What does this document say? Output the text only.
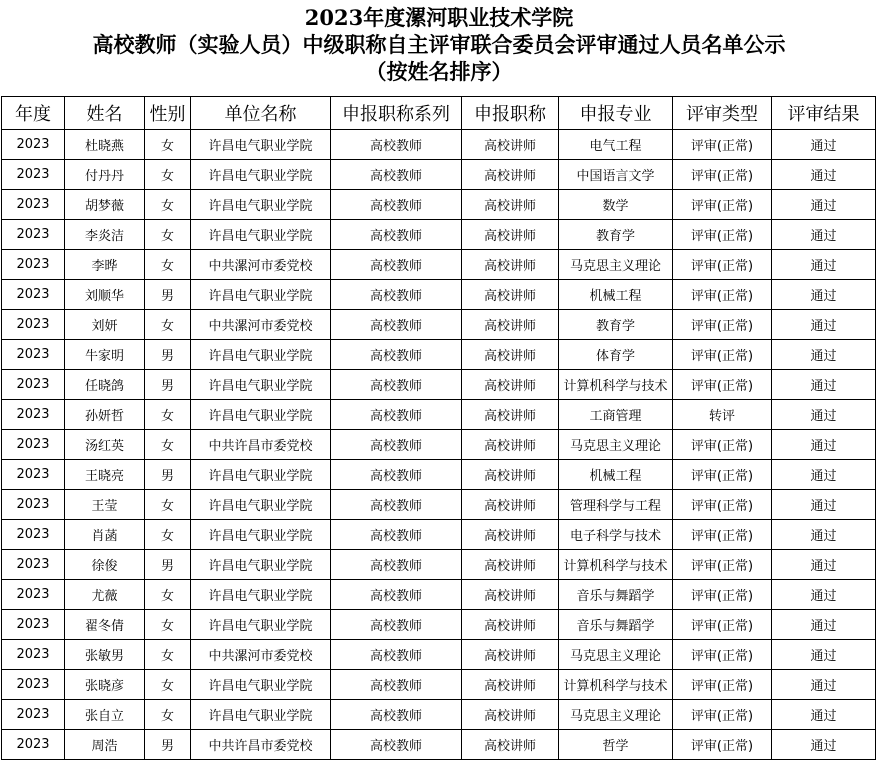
2023年度漯河职业技术学院
高校教师（实验人员）中级职称自主评审联合委员会评审通过人员名单公示
（按姓名排序）
年度	姓名	性别	单位名称	申报职称系列	申报职称	申报专业	评审类型	评审结果
2023	杜晓燕	女	许昌电气职业学院	高校教师	高校讲师	电气工程	评审(正常)	通过
2023	付丹丹	女	许昌电气职业学院	高校教师	高校讲师	中国语言文学	评审(正常)	通过
2023	胡梦薇	女	许昌电气职业学院	高校教师	高校讲师	数学	评审(正常)	通过
2023	李炎洁	女	许昌电气职业学院	高校教师	高校讲师	教育学	评审(正常)	通过
2023	李晔	女	中共漯河市委党校	高校教师	高校讲师	马克思主义理论	评审(正常)	通过
2023	刘顺华	男	许昌电气职业学院	高校教师	高校讲师	机械工程	评审(正常)	通过
2023	刘妍	女	中共漯河市委党校	高校教师	高校讲师	教育学	评审(正常)	通过
2023	牛家明	男	许昌电气职业学院	高校教师	高校讲师	体育学	评审(正常)	通过
2023	任晓鸽	男	许昌电气职业学院	高校教师	高校讲师	计算机科学与技术	评审(正常)	通过
2023	孙妍哲	女	许昌电气职业学院	高校教师	高校讲师	工商管理	转评	通过
2023	汤红英	女	中共许昌市委党校	高校教师	高校讲师	马克思主义理论	评审(正常)	通过
2023	王晓亮	男	许昌电气职业学院	高校教师	高校讲师	机械工程	评审(正常)	通过
2023	王莹	女	许昌电气职业学院	高校教师	高校讲师	管理科学与工程	评审(正常)	通过
2023	肖菡	女	许昌电气职业学院	高校教师	高校讲师	电子科学与技术	评审(正常)	通过
2023	徐俊	男	许昌电气职业学院	高校教师	高校讲师	计算机科学与技术	评审(正常)	通过
2023	尤薇	女	许昌电气职业学院	高校教师	高校讲师	音乐与舞蹈学	评审(正常)	通过
2023	翟冬倩	女	许昌电气职业学院	高校教师	高校讲师	音乐与舞蹈学	评审(正常)	通过
2023	张敏男	女	中共漯河市委党校	高校教师	高校讲师	马克思主义理论	评审(正常)	通过
2023	张晓彦	女	许昌电气职业学院	高校教师	高校讲师	计算机科学与技术	评审(正常)	通过
2023	张自立	女	许昌电气职业学院	高校教师	高校讲师	马克思主义理论	评审(正常)	通过
2023	周浩	男	中共许昌市委党校	高校教师	高校讲师	哲学	评审(正常)	通过
